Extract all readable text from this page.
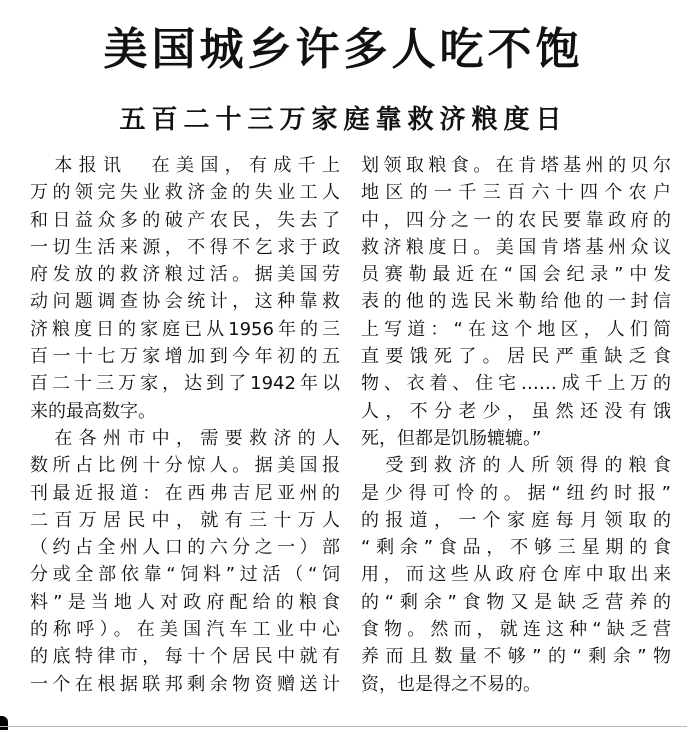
美国城乡许多人吃不饱
五百二十三万家庭靠救济粮度日
　本报讯　在美国，有成千上
万的领完失业救济金的失业工人
和日益众多的破产农民，失去了
一切生活来源，不得不乞求于政
府发放的救济粮过活。据美国劳
动问题调查协会统计，这种靠救
济粮度日的家庭已从1956年的三
百一十七万家增加到今年初的五
百二十三万家，达到了1942年以
来的最高数字。
　在各州市中，需要救济的人
数所占比例十分惊人。据美国报
刊最近报道：在西弗吉尼亚州的
二百万居民中，就有三十万人
（约占全州人口的六分之一）部
分或全部依靠“饲料”过活（“饲
料”是当地人对政府配给的粮食
的称呼）。在美国汽车工业中心
的底特律市，每十个居民中就有
一个在根据联邦剩余物资赠送计
划领取粮食。在肯塔基州的贝尔
地区的一千三百六十四个农户
中，四分之一的农民要靠政府的
救济粮度日。美国肯塔基州众议
员赛勒最近在“国会纪录”中发
表的他的选民米勒给他的一封信
上写道：“在这个地区，人们简
直要饿死了。居民严重缺乏食
物、衣着、住宅……成千上万的
人，不分老少，虽然还没有饿
死，但都是饥肠辘辘。”
　受到救济的人所领得的粮食
是少得可怜的。据“纽约时报”
的报道，一个家庭每月领取的
“剩余”食品，不够三星期的食
用，而这些从政府仓库中取出来
的“剩余”食物又是缺乏营养的
食物。然而，就连这种“缺乏营
养而且数量不够”的“剩余”物
资，也是得之不易的。
